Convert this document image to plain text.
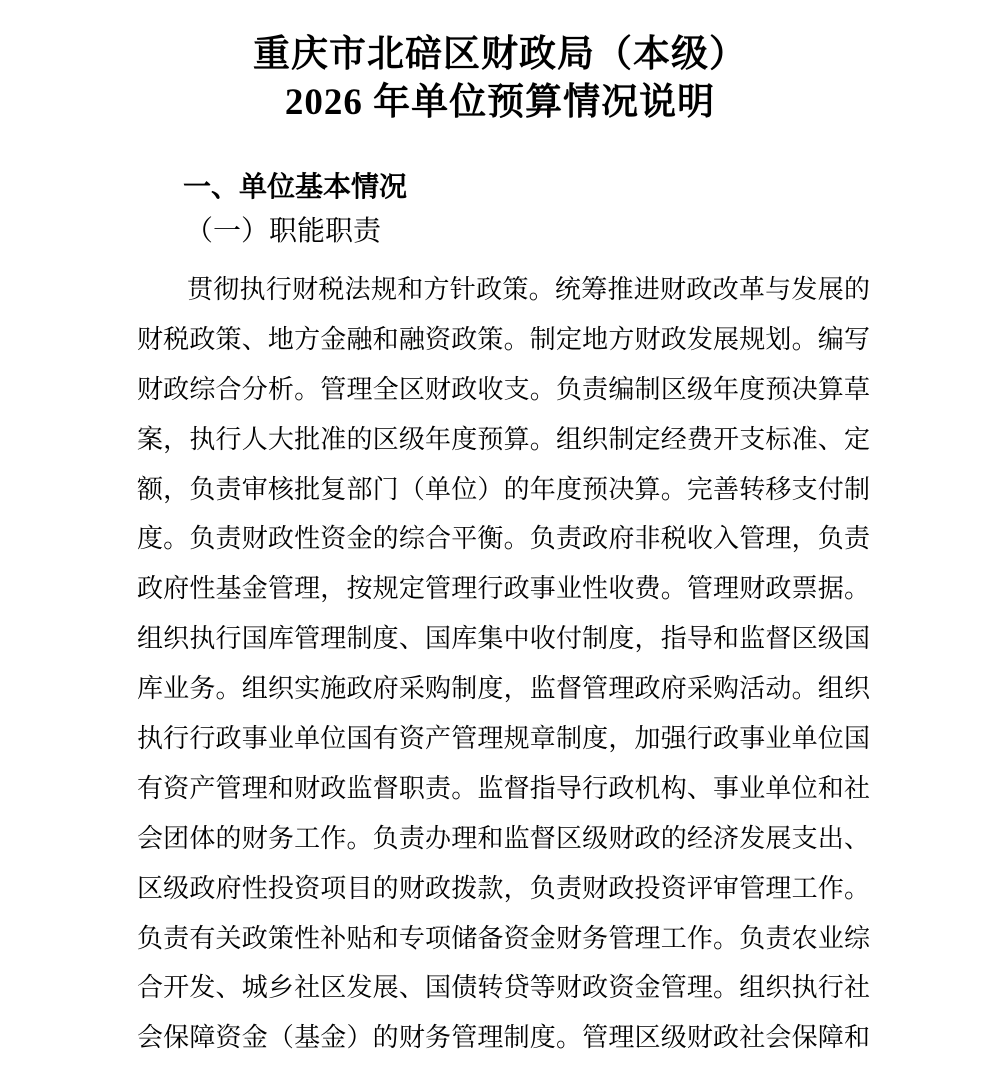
重庆市北碚区财政局（本级）
2026 年单位预算情况说明
一、单位基本情况
（一）职能职责
贯彻执行财税法规和方针政策。统筹推进财政改革与发展的
财税政策、地方金融和融资政策。制定地方财政发展规划。编写
财政综合分析。管理全区财政收支。负责编制区级年度预决算草
案，执行人大批准的区级年度预算。组织制定经费开支标准、定
额，负责审核批复部门（单位）的年度预决算。完善转移支付制
度。负责财政性资金的综合平衡。负责政府非税收入管理，负责
政府性基金管理，按规定管理行政事业性收费。管理财政票据。
组织执行国库管理制度、国库集中收付制度，指导和监督区级国
库业务。组织实施政府采购制度，监督管理政府采购活动。组织
执行行政事业单位国有资产管理规章制度，加强行政事业单位国
有资产管理和财政监督职责。监督指导行政机构、事业单位和社
会团体的财务工作。负责办理和监督区级财政的经济发展支出、
区级政府性投资项目的财政拨款，负责财政投资评审管理工作。
负责有关政策性补贴和专项储备资金财务管理工作。负责农业综
合开发、城乡社区发展、国债转贷等财政资金管理。组织执行社
会保障资金（基金）的财务管理制度。管理区级财政社会保障和
